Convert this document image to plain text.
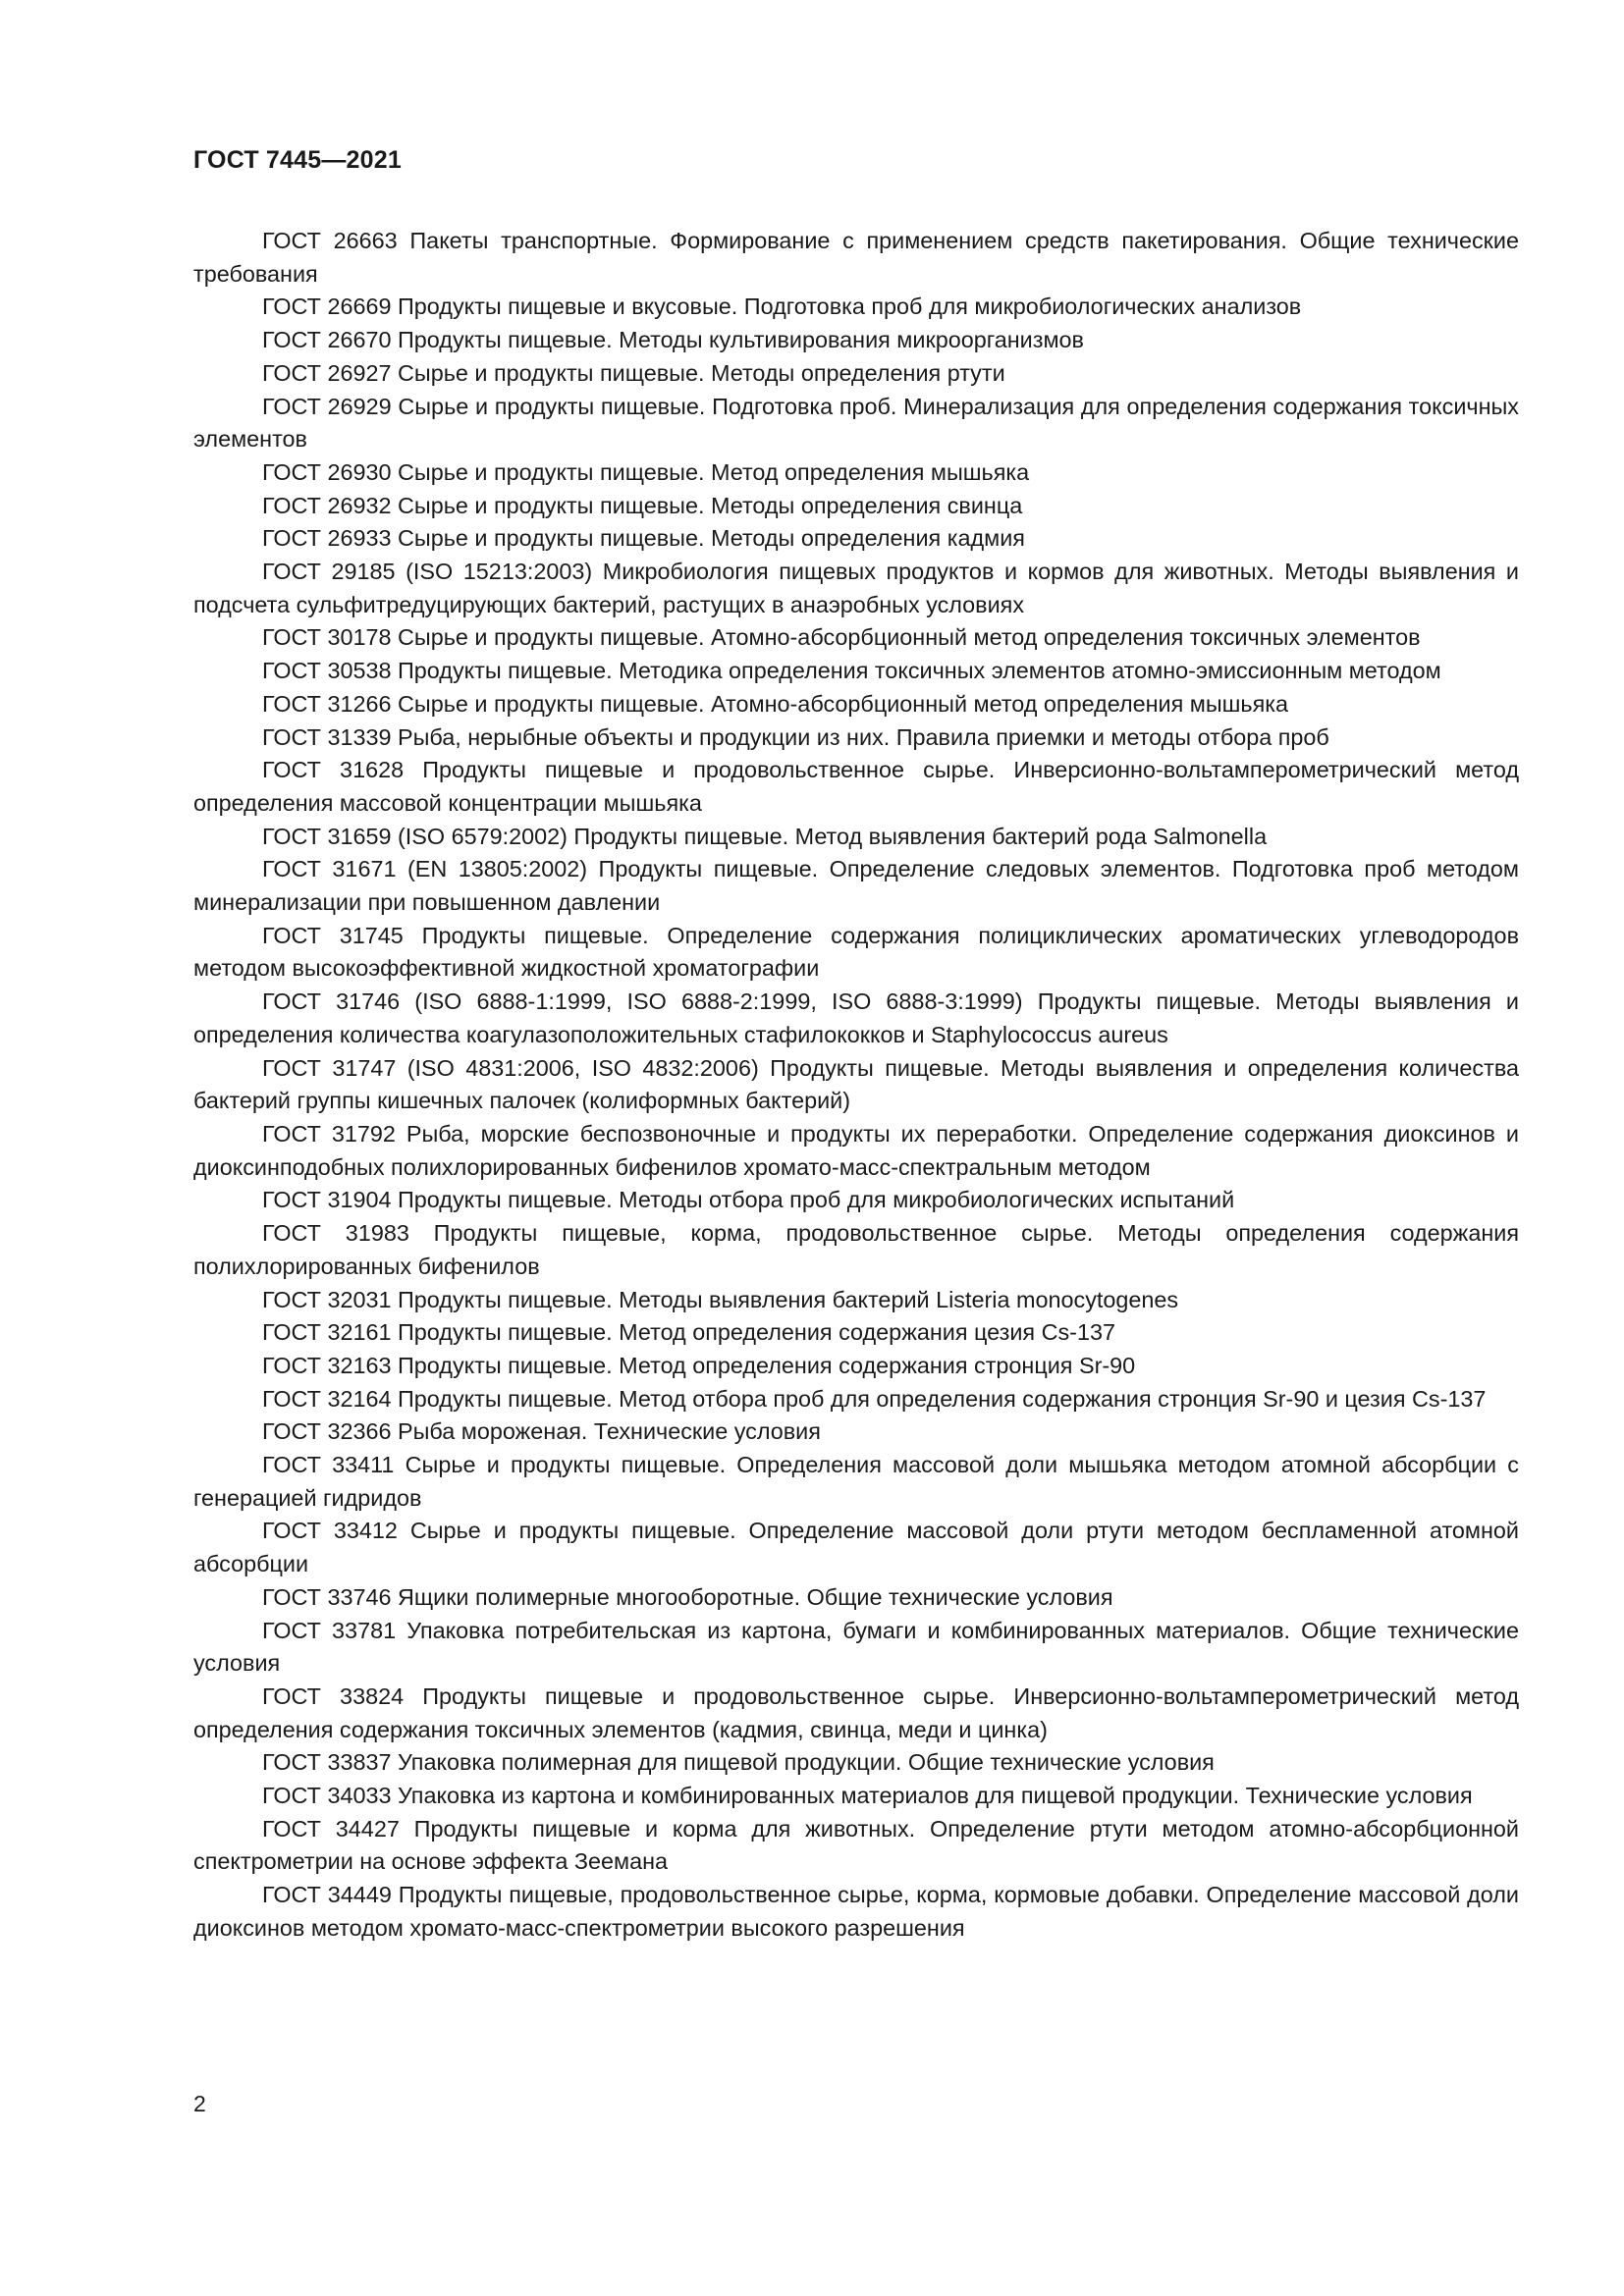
ГОСТ 7445—2021

ГОСТ 26663 Пакеты транспортные. Формирование с применением средств пакетирования. Общие технические требования

ГОСТ 26669 Продукты пищевые и вкусовые. Подготовка проб для микробиологических анализов

ГОСТ 26670 Продукты пищевые. Методы культивирования микроорганизмов

ГОСТ 26927 Сырье и продукты пищевые. Методы определения ртути

ГОСТ 26929 Сырье и продукты пищевые. Подготовка проб. Минерализация для определения содержания токсичных элементов

ГОСТ 26930 Сырье и продукты пищевые. Метод определения мышьяка

ГОСТ 26932 Сырье и продукты пищевые. Методы определения свинца

ГОСТ 26933 Сырье и продукты пищевые. Методы определения кадмия

ГОСТ 29185 (ISO 15213:2003) Микробиология пищевых продуктов и кормов для животных. Методы выявления и подсчета сульфитредуцирующих бактерий, растущих в анаэробных условиях

ГОСТ 30178 Сырье и продукты пищевые. Атомно-абсорбционный метод определения токсичных элементов

ГОСТ 30538 Продукты пищевые. Методика определения токсичных элементов атомно-эмиссионным методом

ГОСТ 31266 Сырье и продукты пищевые. Атомно-абсорбционный метод определения мышьяка

ГОСТ 31339 Рыба, нерыбные объекты и продукции из них. Правила приемки и методы отбора проб

ГОСТ 31628 Продукты пищевые и продовольственное сырье. Инверсионно-вольтамперометрический метод определения массовой концентрации мышьяка

ГОСТ 31659 (ISO 6579:2002) Продукты пищевые. Метод выявления бактерий рода Salmonella

ГОСТ 31671 (EN 13805:2002) Продукты пищевые. Определение следовых элементов. Подготовка проб методом минерализации при повышенном давлении

ГОСТ 31745 Продукты пищевые. Определение содержания полициклических ароматических углеводородов методом высокоэффективной жидкостной хроматографии

ГОСТ 31746 (ISO 6888-1:1999, ISO 6888-2:1999, ISO 6888-3:1999) Продукты пищевые. Методы выявления и определения количества коагулазоположительных стафилококков и Staphylococcus aureus

ГОСТ 31747 (ISO 4831:2006, ISO 4832:2006) Продукты пищевые. Методы выявления и определения количества бактерий группы кишечных палочек (колиформных бактерий)

ГОСТ 31792 Рыба, морские беспозвоночные и продукты их переработки. Определение содержания диоксинов и диоксинподобных полихлорированных бифенилов хромато-масс-спектральным методом

ГОСТ 31904 Продукты пищевые. Методы отбора проб для микробиологических испытаний

ГОСТ 31983 Продукты пищевые, корма, продовольственное сырье. Методы определения содержания полихлорированных бифенилов

ГОСТ 32031 Продукты пищевые. Методы выявления бактерий Listeria monocytogenes

ГОСТ 32161 Продукты пищевые. Метод определения содержания цезия Cs-137

ГОСТ 32163 Продукты пищевые. Метод определения содержания стронция Sr-90

ГОСТ 32164 Продукты пищевые. Метод отбора проб для определения содержания стронция Sr-90 и цезия Cs-137

ГОСТ 32366 Рыба мороженая. Технические условия

ГОСТ 33411 Сырье и продукты пищевые. Определения массовой доли мышьяка методом атомной абсорбции с генерацией гидридов

ГОСТ 33412 Сырье и продукты пищевые. Определение массовой доли ртути методом беспламенной атомной абсорбции

ГОСТ 33746 Ящики полимерные многооборотные. Общие технические условия

ГОСТ 33781 Упаковка потребительская из картона, бумаги и комбинированных материалов. Общие технические условия

ГОСТ 33824 Продукты пищевые и продовольственное сырье. Инверсионно-вольтамперометрический метод определения содержания токсичных элементов (кадмия, свинца, меди и цинка)

ГОСТ 33837 Упаковка полимерная для пищевой продукции. Общие технические условия

ГОСТ 34033 Упаковка из картона и комбинированных материалов для пищевой продукции. Технические условия

ГОСТ 34427 Продукты пищевые и корма для животных. Определение ртути методом атомно-абсорбционной спектрометрии на основе эффекта Зеемана

ГОСТ 34449 Продукты пищевые, продовольственное сырье, корма, кормовые добавки. Определение массовой доли диоксинов методом хромато-масс-спектрометрии высокого разрешения

2
